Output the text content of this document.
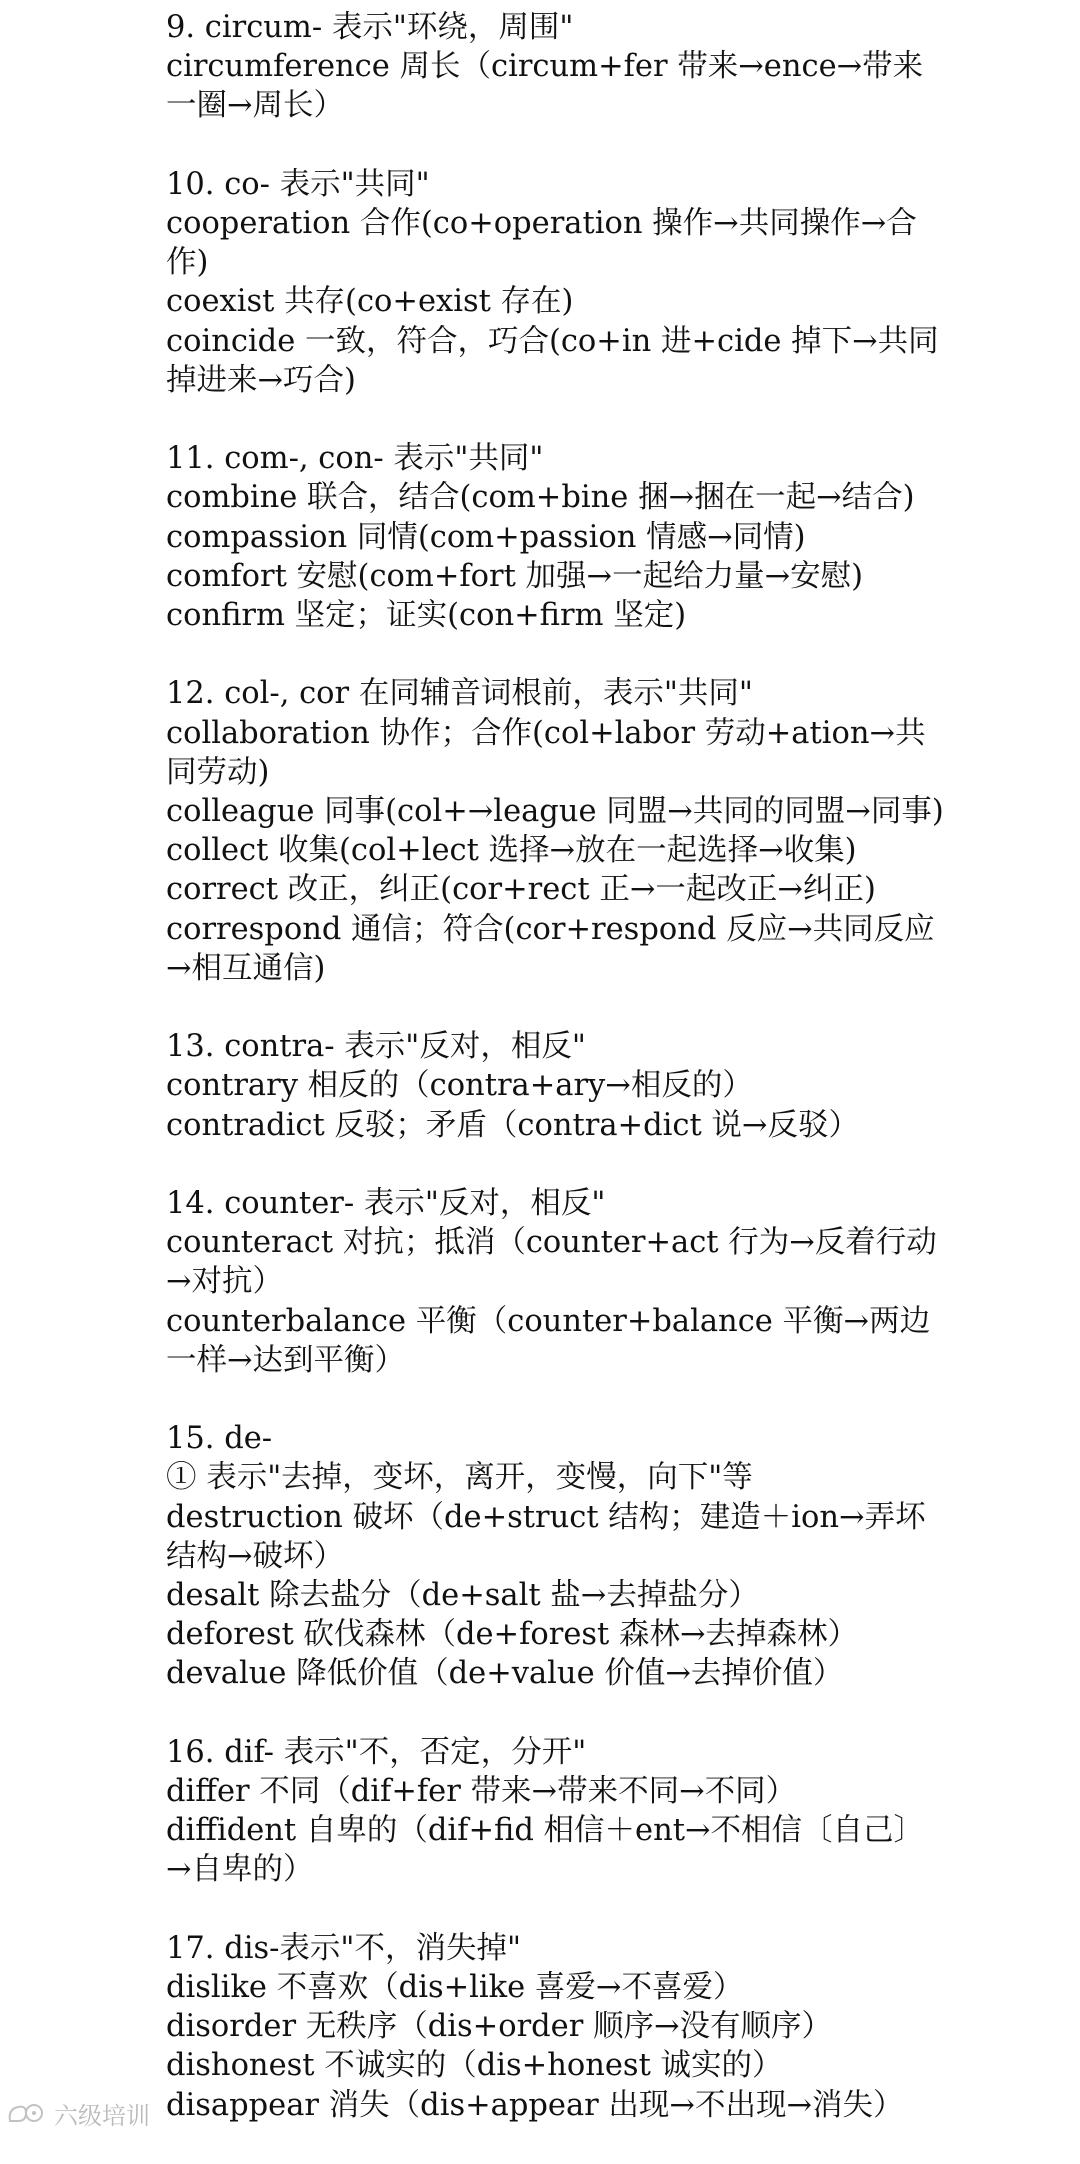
9. circum- 表示"环绕，周围"
circumference 周长（circum+fer 带来→ence→带来一圈→周长）
10. co- 表示"共同"
cooperation 合作(co+operation 操作→共同操作→合作)
coexist 共存(co+exist 存在)
coincide 一致，符合，巧合(co+in 进+cide 掉下→共同掉进来→巧合)
11. com-, con- 表示"共同"
combine 联合，结合(com+bine 捆→捆在一起→结合)
compassion 同情(com+passion 情感→同情)
comfort 安慰(com+fort 加强→一起给力量→安慰)
confirm 坚定；证实(con+firm 坚定)
12. col-, cor 在同辅音词根前，表示"共同"
collaboration 协作；合作(col+labor 劳动+ation→共同劳动)
colleague 同事(col+→league 同盟→共同的同盟→同事)
collect 收集(col+lect 选择→放在一起选择→收集)
correct 改正，纠正(cor+rect 正→一起改正→纠正)
correspond 通信；符合(cor+respond 反应→共同反应→相互通信)
13. contra- 表示"反对，相反"
contrary 相反的（contra+ary→相反的）
contradict 反驳；矛盾（contra+dict 说→反驳）
14. counter- 表示"反对，相反"
counteract 对抗；抵消（counter+act 行为→反着行动→对抗）
counterbalance 平衡（counter+balance 平衡→两边一样→达到平衡）
15. de-
① 表示"去掉，变坏，离开，变慢，向下"等
destruction 破坏（de+struct 结构；建造＋ion→弄坏结构→破坏）
desalt 除去盐分（de+salt 盐→去掉盐分）
deforest 砍伐森林（de+forest 森林→去掉森林）
devalue 降低价值（de+value 价值→去掉价值）
16. dif- 表示"不，否定，分开"
differ 不同（dif+fer 带来→带来不同→不同）
diffident 自卑的（dif+fid 相信＋ent→不相信〔自己〕→自卑的）
17. dis-表示"不，消失掉"
dislike 不喜欢（dis+like 喜爱→不喜爱）
disorder 无秩序（dis+order 顺序→没有顺序）
dishonest 不诚实的（dis+honest 诚实的）
disappear 消失（dis+appear 出现→不出现→消失）
六级培训
